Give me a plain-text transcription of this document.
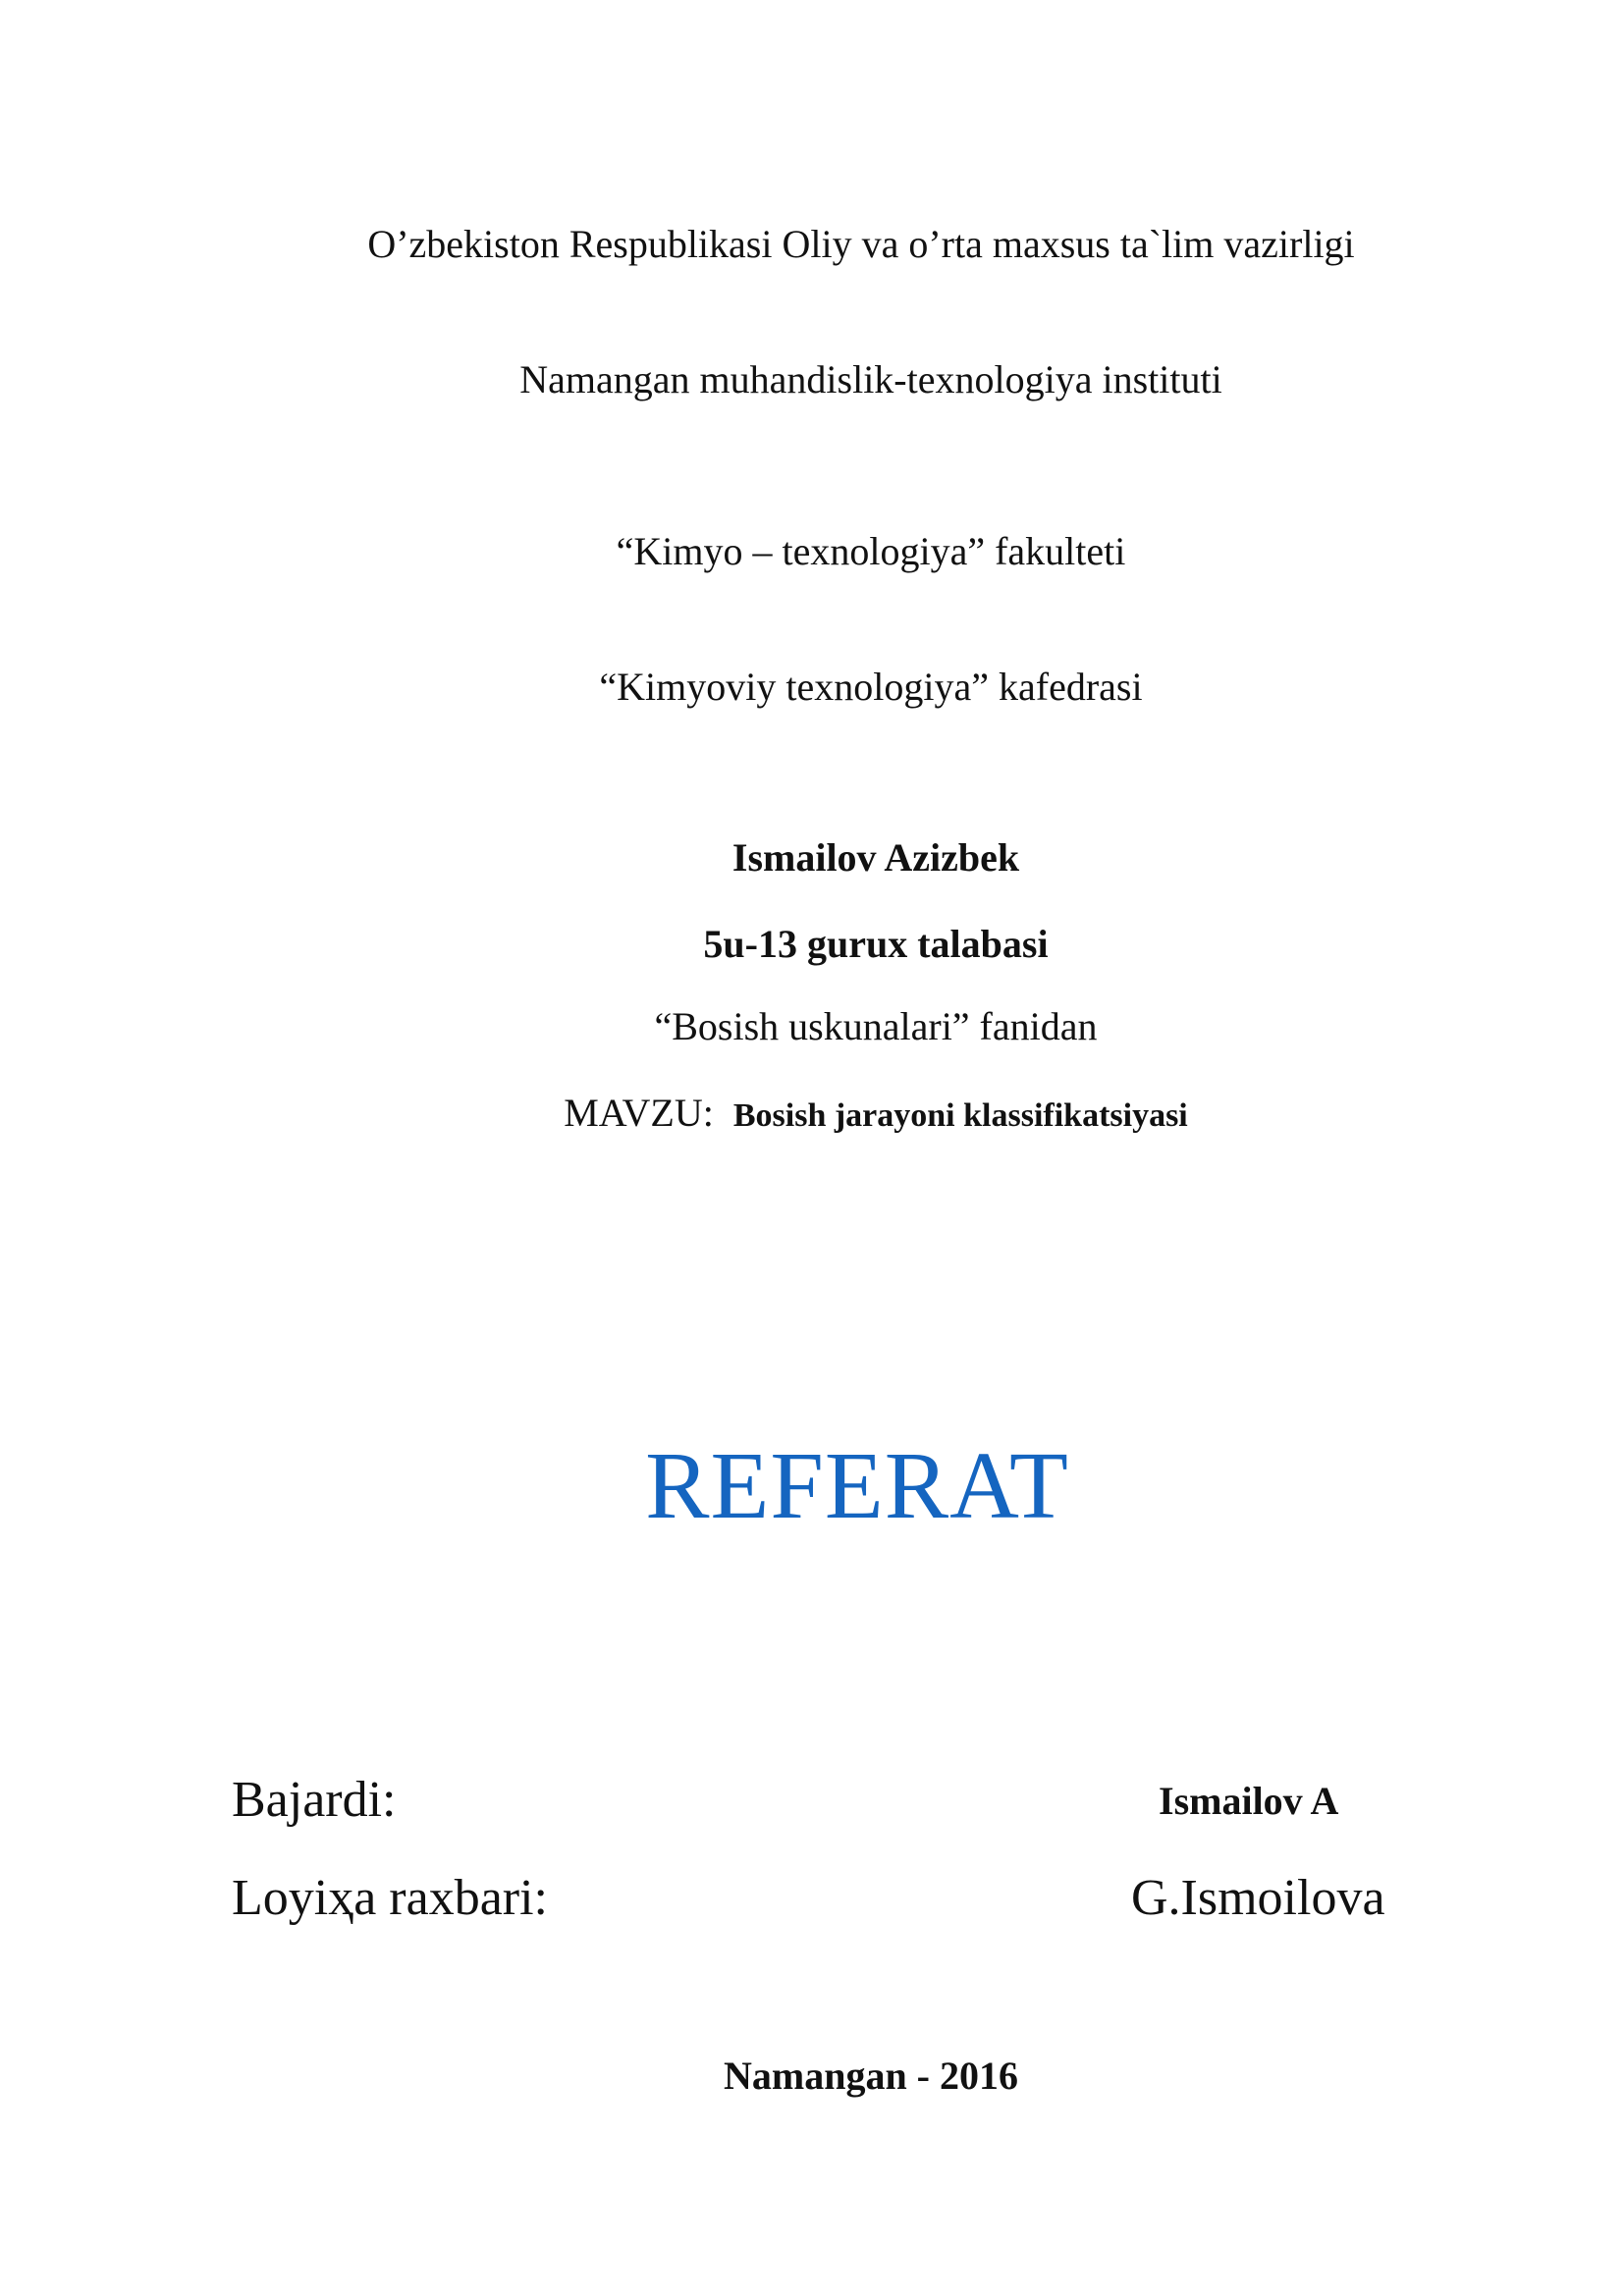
O’zbekiston Respublikasi Oliy va o’rta maxsus ta`lim vazirligi
Namangan muhandislik-texnologiya instituti
“Kimyo – texnologiya” fakulteti
“Kimyoviy texnologiya” kafedrasi
Ismailov Azizbek
5u-13 gurux talabasi
“Bosish uskunalari” fanidan
MAVZU: Bosish jarayoni klassifikatsiyasi
REFERAT
Bajardi:	Ismailov A
Loyiҳa raxbari:	G.Ismoilova
Namangan - 2016
